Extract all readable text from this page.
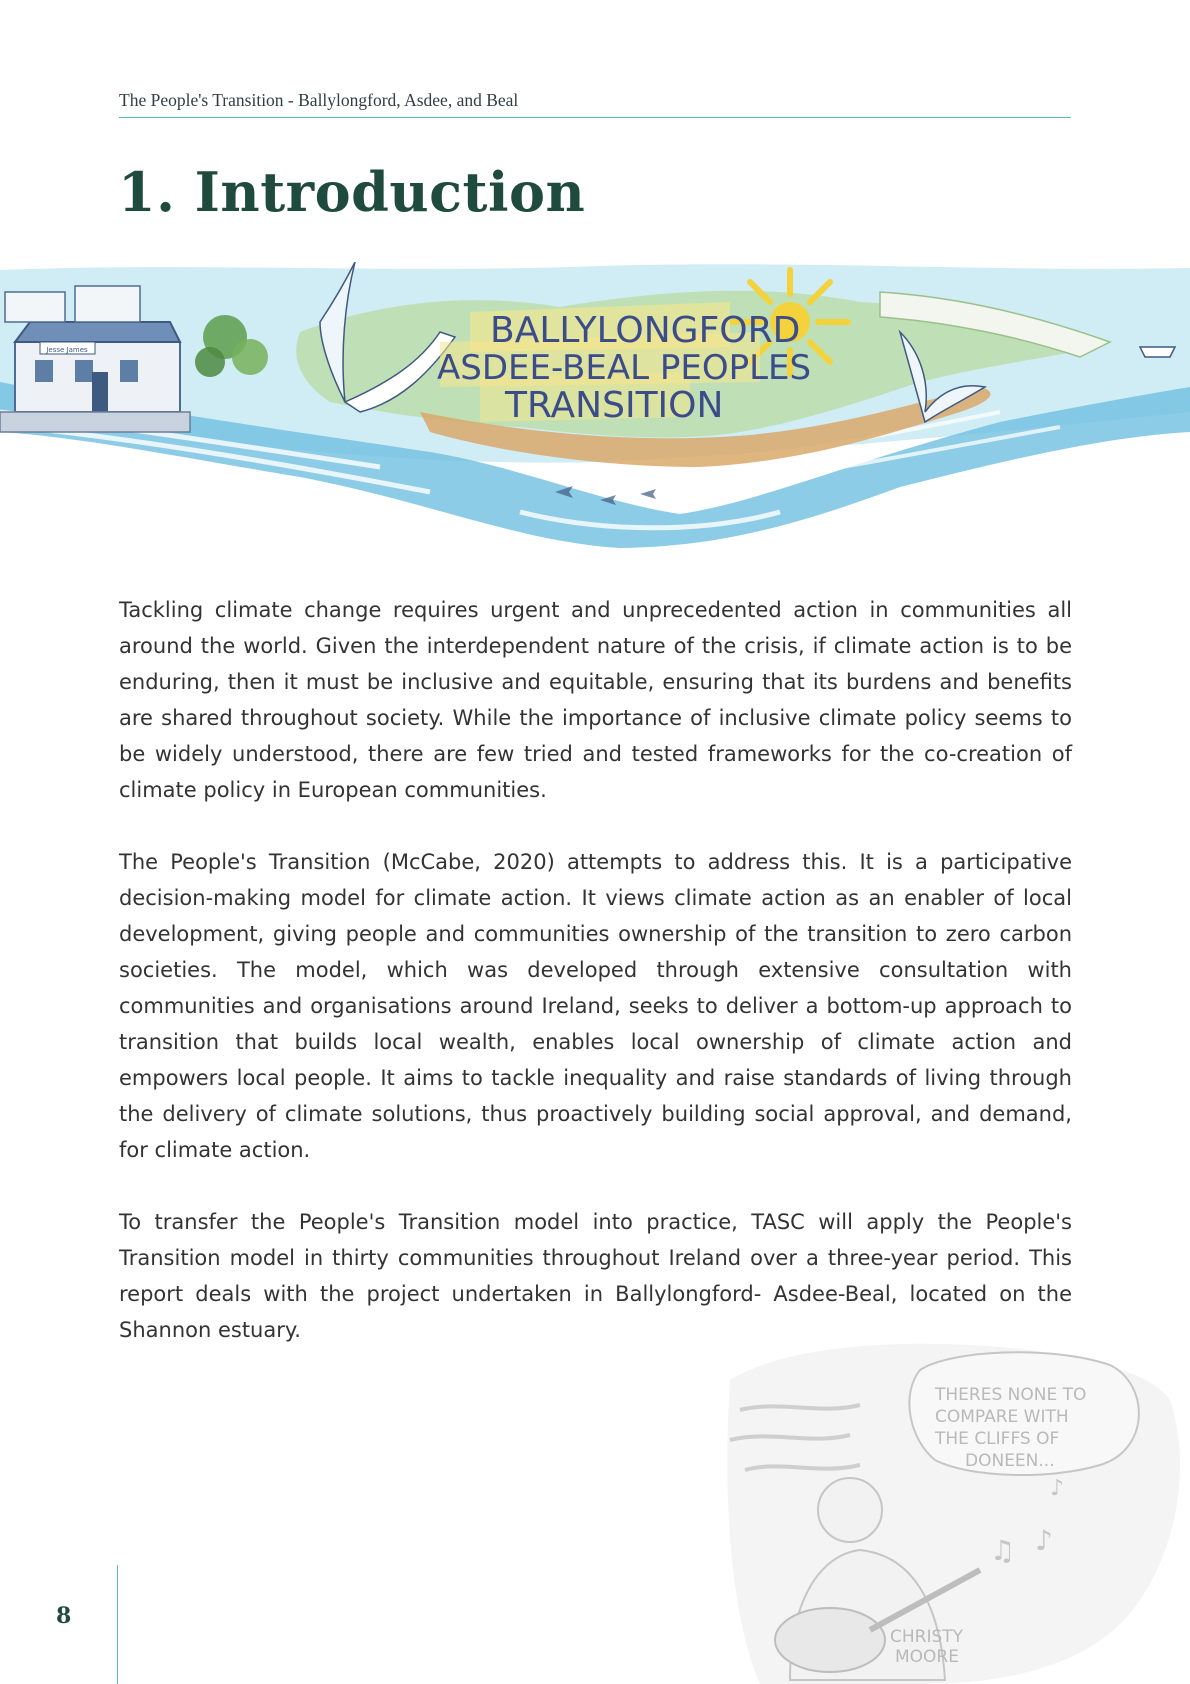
The People's Transition - Ballylongford, Asdee, and Beal
1. Introduction
Jesse James	BALLYLONGFORD
ASDEE-BEAL PEOPLES
TRANSITION

Tackling climate change requires urgent and unprecedented action in communities all around the world. Given the interdependent nature of the crisis, if climate action is to be enduring, then it must be inclusive and equitable, ensuring that its burdens and benefits are shared throughout society. While the importance of inclusive climate policy seems to be widely understood, there are few tried and tested frameworks for the co-creation of climate policy in European communities.

The People's Transition (McCabe, 2020) attempts to address this. It is a participative decision-making model for climate action. It views climate action as an enabler of local development, giving people and communities ownership of the transition to zero carbon societies. The model, which was developed through extensive consultation with communities and organisations around Ireland, seeks to deliver a bottom-up approach to transition that builds local wealth, enables local ownership of climate action and empowers local people. It aims to tackle inequality and raise standards of living through the delivery of climate solutions, thus proactively building social approval, and demand, for climate action.

To transfer the People's Transition model into practice, TASC will apply the People's Transition model in thirty communities throughout Ireland over a three-year period. This report deals with the project undertaken in Ballylongford- Asdee-Beal, located on the Shannon estuary.

THERES NONE TO
COMPARE WITH
THE CLIFFS OF
DONEEN...
♫ ♪
♪
CHRISTY
MOORE
8
